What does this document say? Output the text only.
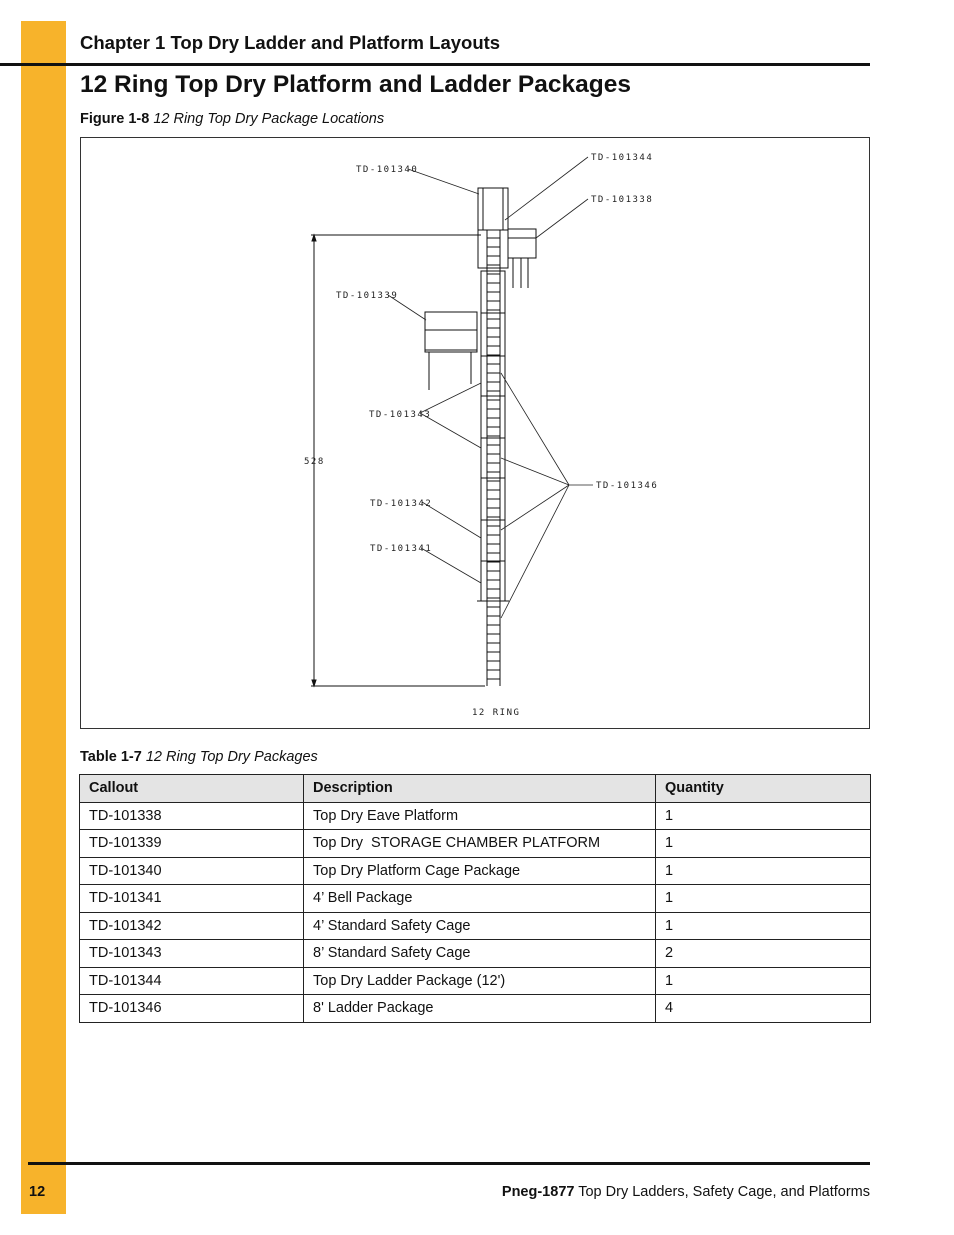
Chapter 1 Top Dry Ladder and Platform Layouts
12 Ring Top Dry Platform and Ladder Packages
Figure 1-8 12 Ring Top Dry Package Locations
TD-101340
TD-101344
TD-101338
TD-101339
TD-101343
TD-101342
TD-101341
TD-101346
528
12 RING
Table 1-7 12 Ring Top Dry Packages
Callout	Description	Quantity
TD-101338	Top Dry Eave Platform	1
TD-101339	Top Dry  STORAGE CHAMBER PLATFORM	1
TD-101340	Top Dry Platform Cage Package	1
TD-101341	4’ Bell Package	1
TD-101342	4’ Standard Safety Cage	1
TD-101343	8’ Standard Safety Cage	2
TD-101344	Top Dry Ladder Package (12')	1
TD-101346	8' Ladder Package	4
12	Pneg-1877 Top Dry Ladders, Safety Cage, and Platforms
